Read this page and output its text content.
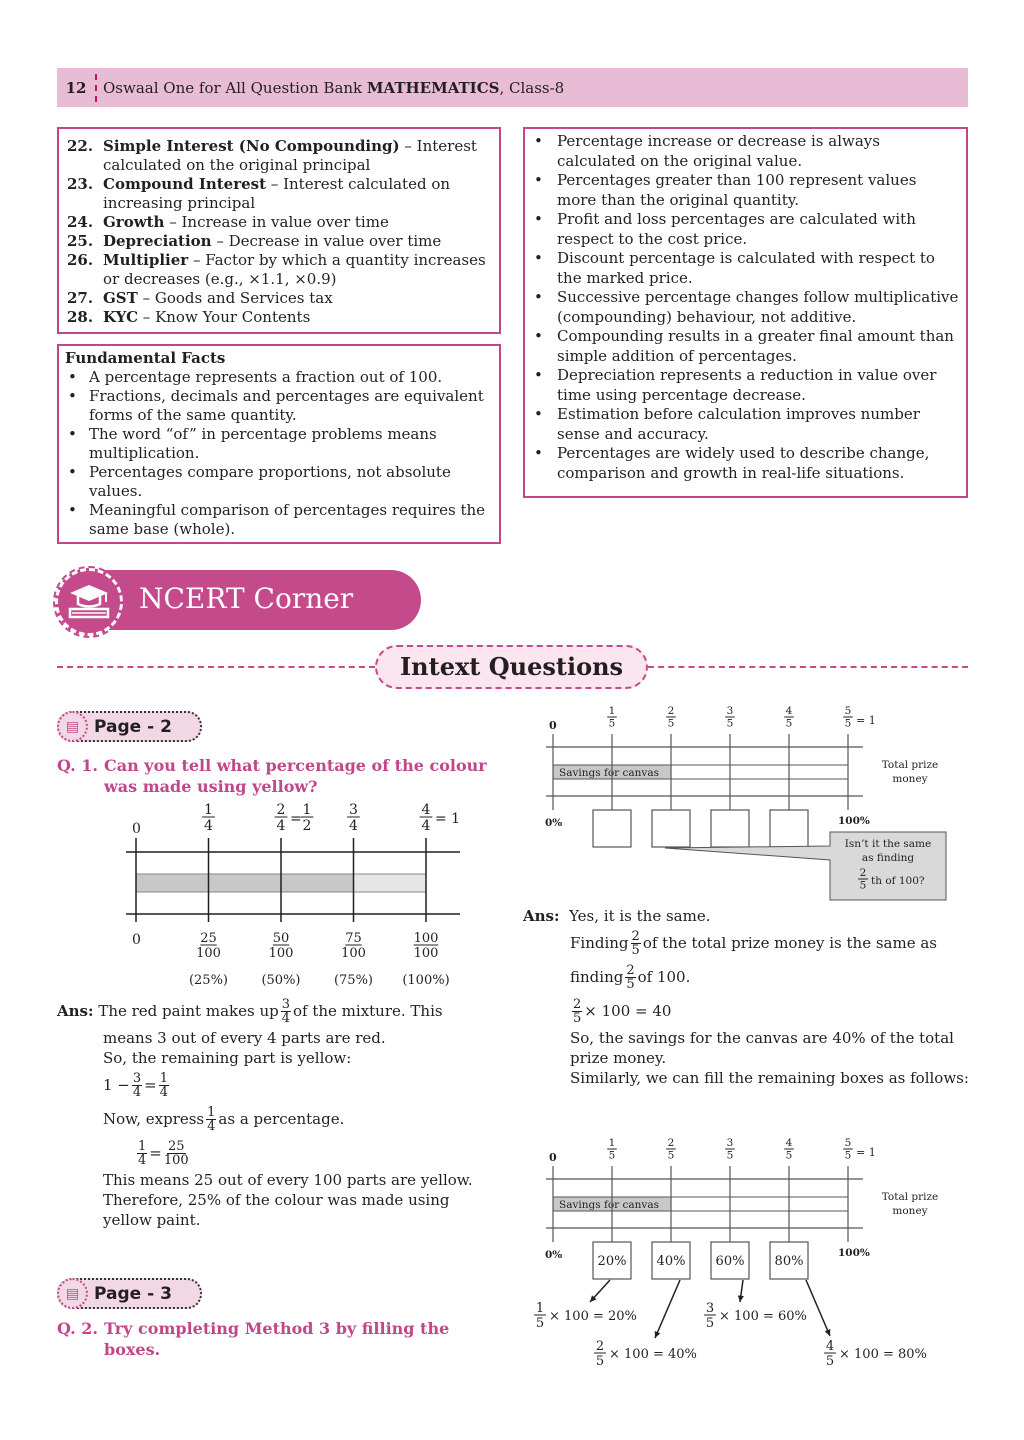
12	Oswaal One for All Question Bank MATHEMATICS, Class-8
22. Simple Interest (No Compounding) – Interest calculated on the original principal
23. Compound Interest – Interest calculated on increasing principal
24. Growth – Increase in value over time
25. Depreciation – Decrease in value over time
26. Multiplier – Factor by which a quantity increases or decreases (e.g., ×1.1, ×0.9)
27. GST – Goods and Services tax
28. KYC – Know Your Contents
Fundamental Facts
• A percentage represents a fraction out of 100.
• Fractions, decimals and percentages are equivalent forms of the same quantity.
• The word “of” in percentage problems means multiplication.
• Percentages compare proportions, not absolute values.
• Meaningful comparison of percentages requires the same base (whole).
• Percentage increase or decrease is always calculated on the original value.
• Percentages greater than 100 represent values more than the original quantity.
• Profit and loss percentages are calculated with respect to the cost price.
• Discount percentage is calculated with respect to the marked price.
• Successive percentage changes follow multiplicative (compounding) behaviour, not additive.
• Compounding results in a greater final amount than simple addition of percentages.
• Depreciation represents a reduction in value over time using percentage decrease.
• Estimation before calculation improves number sense and accuracy.
• Percentages are widely used to describe change, comparison and growth in real-life situations.
NCERT Corner
Intext Questions
▤ Page - 2
Q. 1. Can you tell what percentage of the colour was made using yellow?
0
0
1
4
2
4 =
1
2
3
4
4
4 = 1
25
100
(25%)
50
100
(50%)
75
100
(75%)
100
100
(100%)
Ans:
The red paint makes up $\frac{3}{4}$ of the mixture. This
means 3 out of every 4 parts are red.
So, the remaining part is yellow:
$1 - \frac{3}{4} = \frac{1}{4}$
Now, express $\frac{1}{4}$ as a percentage.
$\frac{1}{4} = \frac{25}{100}$
This means 25 out of every 100 parts are yellow.
Therefore, 25% of the colour was made using
yellow paint.
▤ Page - 3
Q. 2. Try completing Method 3 by filling the boxes.
0
Savings for canvas
Total prize
money
0%	100%
1
5
2
5
3
5
4
5
5
5 = 1
Isn’t it the same
as finding
2
5 th of 100?
Ans: Yes, it is the same.
Finding $\frac{2}{5}$ of the total prize money is the same as
finding $\frac{2}{5}$ of 100.
$\frac{2}{5} \times 100 = 40$
So, the savings for the canvas are 40% of the total
prize money.
Similarly, we can fill the remaining boxes as follows:
0
Savings for canvas
Total prize
money
0%	100%
1
5
20%
2
5
40%
3
5
60%
4
5
80%
5
5 = 1
1
5 × 100 = 20%
2
5 × 100 = 40%
3
5 × 100 = 60%
4
5 × 100 = 80%
